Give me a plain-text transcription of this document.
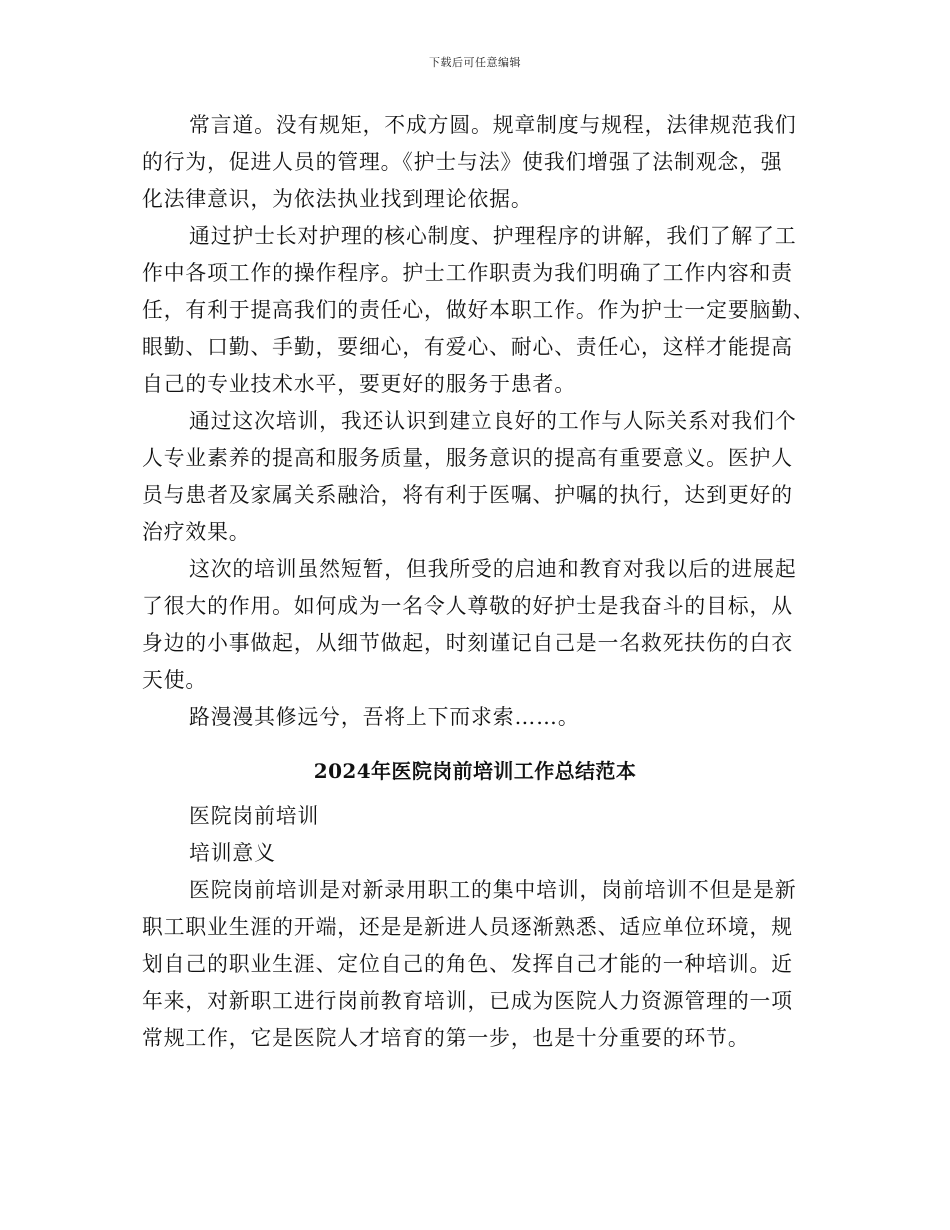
下载后可任意编辑
常言道。没有规矩，不成方圆。规章制度与规程，法律规范我们
的行为，促进人员的管理。《护士与法》使我们增强了法制观念，强
化法律意识，为依法执业找到理论依据。
通过护士长对护理的核心制度、护理程序的讲解，我们了解了工
作中各项工作的操作程序。护士工作职责为我们明确了工作内容和责
任，有利于提高我们的责任心，做好本职工作。作为护士一定要脑勤、
眼勤、口勤、手勤，要细心，有爱心、耐心、责任心，这样才能提高
自己的专业技术水平，要更好的服务于患者。
通过这次培训，我还认识到建立良好的工作与人际关系对我们个
人专业素养的提高和服务质量，服务意识的提高有重要意义。医护人
员与患者及家属关系融洽，将有利于医嘱、护嘱的执行，达到更好的
治疗效果。
这次的培训虽然短暂，但我所受的启迪和教育对我以后的进展起
了很大的作用。如何成为一名令人尊敬的好护士是我奋斗的目标，从
身边的小事做起，从细节做起，时刻谨记自己是一名救死扶伤的白衣
天使。
路漫漫其修远兮，吾将上下而求索……。
2024年医院岗前培训工作总结范本
医院岗前培训
培训意义
医院岗前培训是对新录用职工的集中培训，岗前培训不但是是新
职工职业生涯的开端，还是是新进人员逐渐熟悉、适应单位环境，规
划自己的职业生涯、定位自己的角色、发挥自己才能的一种培训。近
年来，对新职工进行岗前教育培训，已成为医院人力资源管理的一项
常规工作，它是医院人才培育的第一步，也是十分重要的环节。
